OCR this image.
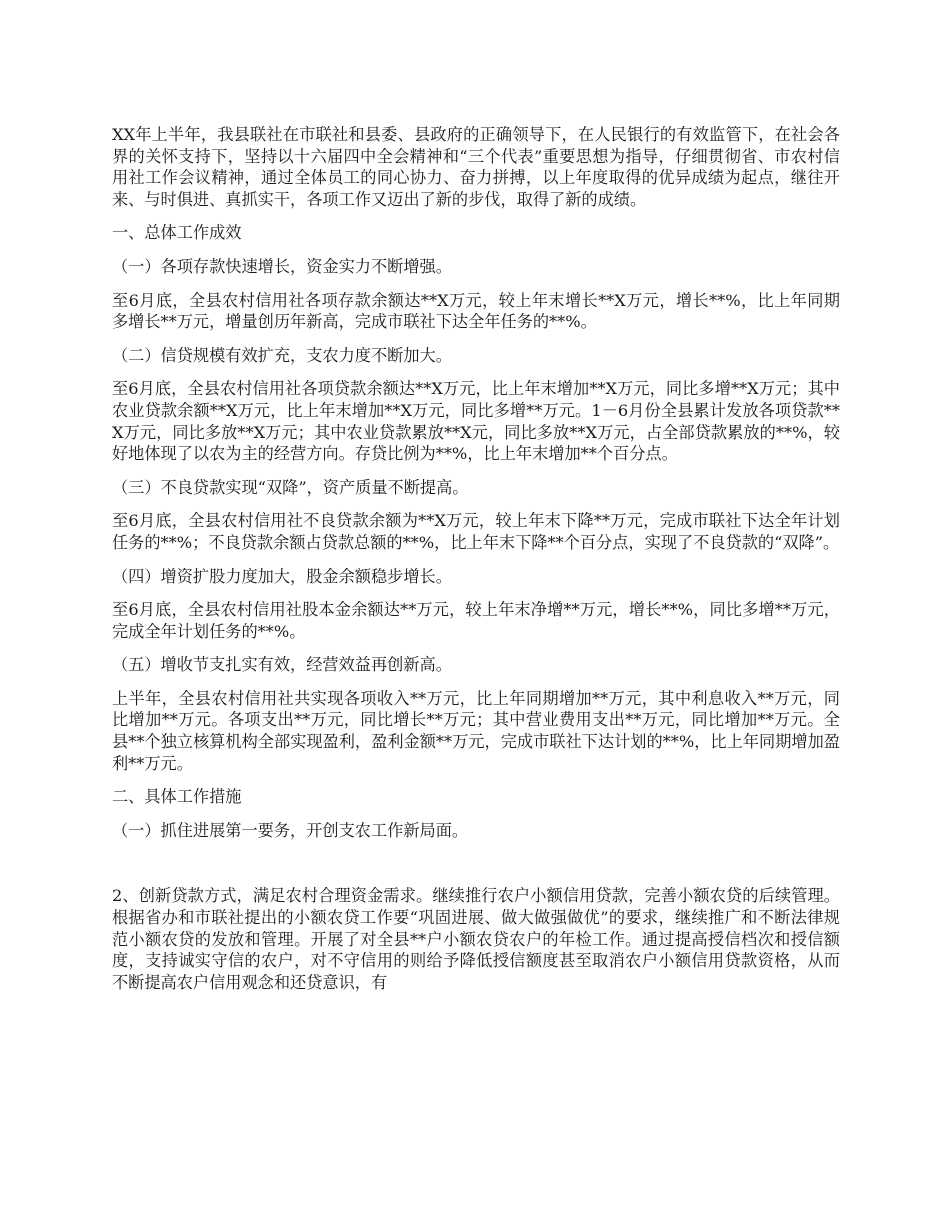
XX年上半年，我县联社在市联社和县委、县政府的正确领导下，在人民银行的有效监管下，在社会各界的关怀支持下，坚持以十六届四中全会精神和“三个代表”重要思想为指导，仔细贯彻省、市农村信用社工作会议精神，通过全体员工的同心协力、奋力拼搏，以上年度取得的优异成绩为起点，继往开来、与时俱进、真抓实干，各项工作又迈出了新的步伐，取得了新的成绩。

一、总体工作成效

（一）各项存款快速增长，资金实力不断增强。

至6月底，全县农村信用社各项存款余额达**X万元，较上年末增长**X万元，增长**%，比上年同期多增长**万元，增量创历年新高，完成市联社下达全年任务的**%。

（二）信贷规模有效扩充，支农力度不断加大。

至6月底，全县农村信用社各项贷款余额达**X万元，比上年末增加**X万元，同比多增**X万元；其中农业贷款余额**X万元，比上年末增加**X万元，同比多增**万元。1－6月份全县累计发放各项贷款**X万元，同比多放**X万元；其中农业贷款累放**X元，同比多放**X万元，占全部贷款累放的**%，较好地体现了以农为主的经营方向。存贷比例为**%，比上年末增加**个百分点。

（三）不良贷款实现“双降”，资产质量不断提高。

至6月底，全县农村信用社不良贷款余额为**X万元，较上年末下降**万元，完成市联社下达全年计划任务的**%；不良贷款余额占贷款总额的**%，比上年末下降**个百分点，实现了不良贷款的“双降”。

（四）增资扩股力度加大，股金余额稳步增长。

至6月底，全县农村信用社股本金余额达**万元，较上年末净增**万元，增长**%，同比多增**万元，完成全年计划任务的**%。

（五）增收节支扎实有效，经营效益再创新高。

上半年，全县农村信用社共实现各项收入**万元，比上年同期增加**万元，其中利息收入**万元，同比增加**万元。各项支出**万元，同比增长**万元；其中营业费用支出**万元，同比增加**万元。全县**个独立核算机构全部实现盈利，盈利金额**万元，完成市联社下达计划的**%，比上年同期增加盈利**万元。

二、具体工作措施

（一）抓住进展第一要务，开创支农工作新局面。

2、创新贷款方式，满足农村合理资金需求。继续推行农户小额信用贷款，完善小额农贷的后续管理。根据省办和市联社提出的小额农贷工作要“巩固进展、做大做强做优”的要求，继续推广和不断法律规范小额农贷的发放和管理。开展了对全县**户小额农贷农户的年检工作。通过提高授信档次和授信额度，支持诚实守信的农户，对不守信用的则给予降低授信额度甚至取消农户小额信用贷款资格，从而不断提高农户信用观念和还贷意识，有
